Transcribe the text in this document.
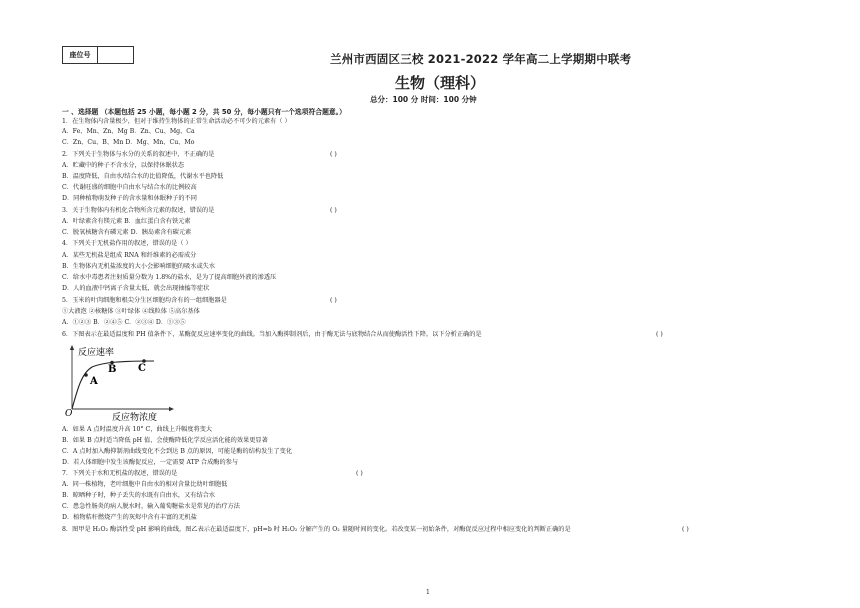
座位号	兰州市西固区三校 2021-2022 学年高二上学期期中联考
生物（理科）
总分：100 分 时间：100 分钟
一 、选择题 （本题包括 25 小题，每小题 2 分，共 50 分，每小题只有一个选项符合题意。）
1．在生物体内含量极少，但对于维持生物体的正常生命活动必不可少的元素有（ ）
A．Fe、Mn、Zn、Mg B．Zn、Cu、Mg、Ca
C．Zn、Cu、B、Mn D．Mg、Mn、Cu、Mo
2．下列关于生物体与水分的关系的叙述中，不正确的是	( )
A．贮藏中的种子不含水分，以保持休眠状态
B．温度降低，自由水/结合水的比值降低，代谢水平也降低
C．代谢旺盛的细胞中自由水与结合水的比例较高
D．同种植物萌发种子的含水量和休眠种子的不同
3．关于生物体内有机化合物所含元素的叙述，错误的是	( )
A．叶绿素含有镁元素 B．血红蛋白含有铁元素
C．脱氧核糖含有磷元素 D．胰岛素含有碳元素
4．下列关于无机盐作用的叙述，错误的是（ ）
A．某些无机盐是组成 RNA 和纤维素的必需成分
B．生物体内无机盐浓度的大小会影响细胞的吸水或失水
C．给水中毒患者注射质量分数为 1.8%的盐水，是为了提高细胞外液的渗透压
D．人的血液中钙离子含量太低，就会出现抽搐等症状
5．玉米的叶肉细胞和根尖分生区细胞均含有的一组细胞器是	( )
①大液泡 ②核糖体 ③叶绿体 ④线粒体 ⑤高尔基体
A．①②③ B．②④⑤ C．②③④ D．①③⑤
6．下图表示在最适温度和 PH 值条件下，某酶促反应速率变化的曲线。当加入酶抑制剂后，由于酶无法与底物结合从而使酶活性下降。以下分析正确的是	( )
A
B C
反应速率
反应物浓度
O
A．如果 A 点时温度升高 10° C，曲线上升幅度将变大
B．如果 B 点时适当降低 pH 值，会使酶降低化学反应活化能的效果更显著
C．A 点时加入酶抑制剂曲线变化不会到达 B 点的原因，可能是酶的结构发生了变化
D．若人体细胞中发生该酶促反应，一定需要 ATP 合成酶的参与
7．下列关于水和无机盐的叙述，错误的是	( )
A．同一株植物，老叶细胞中自由水的相对含量比幼叶细胞低
B．晾晒种子时，种子丢失的水既有自由水，又有结合水
C．患急性肠炎的病人脱水时，输入葡萄糖盐水是常见的治疗方法
D．植物秸秆燃烧产生的灰烬中含有丰富的无机盐
8．图甲是 H₂O₂ 酶活性受 pH 影响的曲线，图乙表示在最适温度下，pH=b 时 H₂O₂ 分解产生的 O₂ 量随时间的变化。若改变某一初始条件，对酶促反应过程中相应变化的判断正确的是	( )
1
